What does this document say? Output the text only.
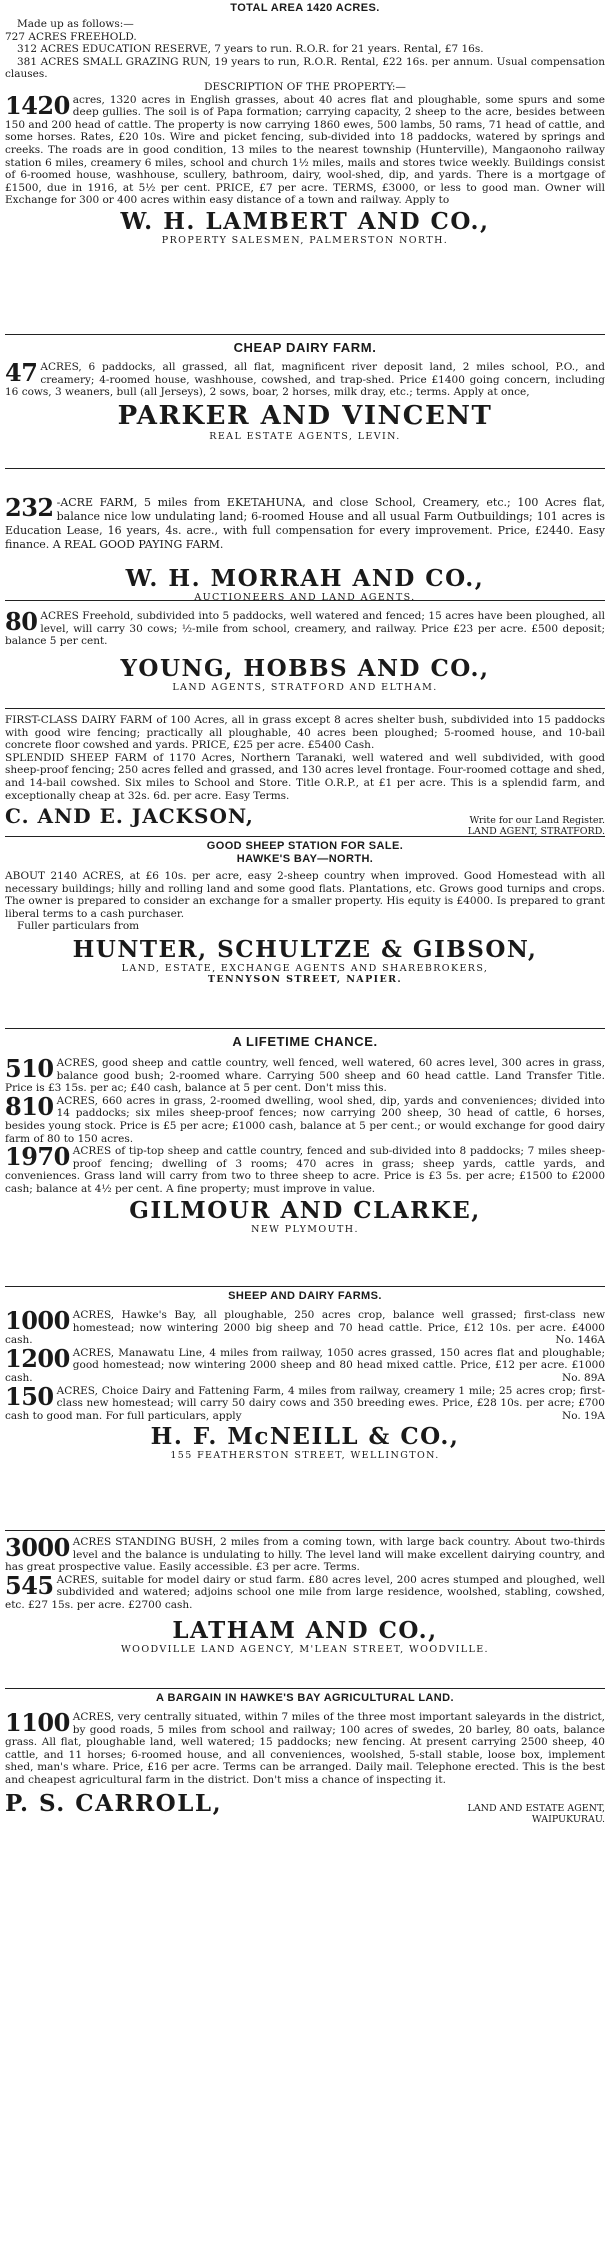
TOTAL AREA 1420 ACRES.

Made up as follows:—

727 ACRES FREEHOLD.

312 ACRES EDUCATION RESERVE, 7 years to run. R.O.R. for 21 years. Rental, £7 16s.

381 ACRES SMALL GRAZING RUN, 19 years to run, R.O.R. Rental, £22 16s. per annum. Usual compensation clauses.

DESCRIPTION OF THE PROPERTY:—

1420 acres, 1320 acres in English grasses, about 40 acres flat and ploughable, some spurs and some deep gullies. The soil is of Papa formation; carrying capacity, 2 sheep to the acre, besides between 150 and 200 head of cattle. The property is now carrying 1860 ewes, 500 lambs, 50 rams, 71 head of cattle, and some horses. Rates, £20 10s. Wire and picket fencing, sub-divided into 18 paddocks, watered by springs and creeks. The roads are in good condition, 13 miles to the nearest township (Hunterville), Mangaonoho railway station 6 miles, creamery 6 miles, school and church 1½ miles, mails and stores twice weekly. Buildings consist of 6-roomed house, washhouse, scullery, bathroom, dairy, wool-shed, dip, and yards. There is a mortgage of £1500, due in 1916, at 5½ per cent. PRICE, £7 per acre. TERMS, £3000, or less to good man. Owner will Exchange for 300 or 400 acres within easy distance of a town and railway. Apply to

W. H. LAMBERT AND CO.,
PROPERTY SALESMEN, PALMERSTON NORTH.
CHEAP DAIRY FARM.

47 ACRES, 6 paddocks, all grassed, all flat, magnificent river deposit land, 2 miles school, P.O., and creamery; 4-roomed house, washhouse, cowshed, and trap-shed. Price £1400 going concern, including 16 cows, 3 weaners, bull (all Jerseys), 2 sows, boar, 2 horses, milk dray, etc.; terms. Apply at once,

PARKER AND VINCENT
REAL ESTATE AGENTS, LEVIN.

232 -ACRE FARM, 5 miles from EKETAHUNA, and close School, Creamery, etc.; 100 Acres flat, balance nice low undulating land; 6-roomed House and all usual Farm Outbuildings; 101 acres is Education Lease, 16 years, 4s. acre., with full compensation for every improvement. Price, £2440. Easy finance. A REAL GOOD PAYING FARM.

W. H. MORRAH AND CO.,
AUCTIONEERS AND LAND AGENTS.

80 ACRES Freehold, subdivided into 5 paddocks, well watered and fenced; 15 acres have been ploughed, all level, will carry 30 cows; ½-mile from school, creamery, and railway. Price £23 per acre. £500 deposit; balance 5 per cent.

YOUNG, HOBBS AND CO.,
LAND AGENTS, STRATFORD AND ELTHAM.

FIRST-CLASS DAIRY FARM of 100 Acres, all in grass except 8 acres shelter bush, subdivided into 15 paddocks with good wire fencing; practically all ploughable, 40 acres been ploughed; 5-roomed house, and 10-bail concrete floor cowshed and yards. PRICE, £25 per acre. £5400 Cash.

SPLENDID SHEEP FARM of 1170 Acres, Northern Taranaki, well watered and well subdivided, with good sheep-proof fencing; 250 acres felled and grassed, and 130 acres level frontage. Four-roomed cottage and shed, and 14-bail cowshed. Six miles to School and Store. Title O.R.P., at £1 per acre. This is a splendid farm, and exceptionally cheap at 32s. 6d. per acre. Easy Terms.

C. AND E. JACKSON,	Write for our Land Register.
LAND AGENT, STRATFORD.
GOOD SHEEP STATION FOR SALE.
HAWKE'S BAY—NORTH.

ABOUT 2140 ACRES, at £6 10s. per acre, easy 2-sheep country when improved. Good Homestead with all necessary buildings; hilly and rolling land and some good flats. Plantations, etc. Grows good turnips and crops. The owner is prepared to consider an exchange for a smaller property. His equity is £4000. Is prepared to grant liberal terms to a cash purchaser.

Fuller particulars from

HUNTER, SCHULTZE & GIBSON,
LAND, ESTATE, EXCHANGE AGENTS AND SHAREBROKERS,
TENNYSON STREET, NAPIER.
A LIFETIME CHANCE.

510 ACRES, good sheep and cattle country, well fenced, well watered, 60 acres level, 300 acres in grass, balance good bush; 2-roomed whare. Carrying 500 sheep and 60 head cattle. Land Transfer Title. Price is £3 15s. per ac; £40 cash, balance at 5 per cent. Don't miss this.

810 ACRES, 660 acres in grass, 2-roomed dwelling, wool shed, dip, yards and conveniences; divided into 14 paddocks; six miles sheep-proof fences; now carrying 200 sheep, 30 head of cattle, 6 horses, besides young stock. Price is £5 per acre; £1000 cash, balance at 5 per cent.; or would exchange for good dairy farm of 80 to 150 acres.

1970 ACRES of tip-top sheep and cattle country, fenced and sub-divided into 8 paddocks; 7 miles sheep-proof fencing; dwelling of 3 rooms; 470 acres in grass; sheep yards, cattle yards, and conveniences. Grass land will carry from two to three sheep to acre. Price is £3 5s. per acre; £1500 to £2000 cash; balance at 4½ per cent. A fine property; must improve in value.

GILMOUR AND CLARKE,
NEW PLYMOUTH.
SHEEP AND DAIRY FARMS.

1000 ACRES, Hawke's Bay, all ploughable, 250 acres crop, balance well grassed; first-class new homestead; now wintering 2000 big sheep and 70 head cattle. Price, £12 10s. per acre. £4000 cash.	No. 146A

1200 ACRES, Manawatu Line, 4 miles from railway, 1050 acres grassed, 150 acres flat and ploughable; good homestead; now wintering 2000 sheep and 80 head mixed cattle. Price, £12 per acre. £1000 cash.	No. 89A

150 ACRES, Choice Dairy and Fattening Farm, 4 miles from railway, creamery 1 mile; 25 acres crop; first-class new homestead; will carry 50 dairy cows and 350 breeding ewes. Price, £28 10s. per acre; £700 cash to good man. For full particulars, apply	No. 19A

H. F. McNEILL & CO.,
155 FEATHERSTON STREET, WELLINGTON.

3000 ACRES STANDING BUSH, 2 miles from a coming town, with large back country. About two-thirds level and the balance is undulating to hilly. The level land will make excellent dairying country, and has great prospective value. Easily accessible. £3 per acre. Terms.

545 ACRES, suitable for model dairy or stud farm. £80 acres level, 200 acres stumped and ploughed, well subdivided and watered; adjoins school one mile from large residence, woolshed, stabling, cowshed, etc. £27 15s. per acre. £2700 cash.

LATHAM AND CO.,
WOODVILLE LAND AGENCY, M'LEAN STREET, WOODVILLE.
A BARGAIN IN HAWKE'S BAY AGRICULTURAL LAND.

1100 ACRES, very centrally situated, within 7 miles of the three most important saleyards in the district, by good roads, 5 miles from school and railway; 100 acres of swedes, 20 barley, 80 oats, balance grass. All flat, ploughable land, well watered; 15 paddocks; new fencing. At present carrying 2500 sheep, 40 cattle, and 11 horses; 6-roomed house, and all conveniences, woolshed, 5-stall stable, loose box, implement shed, man's whare. Price, £16 per acre. Terms can be arranged. Daily mail. Telephone erected. This is the best and cheapest agricultural farm in the district. Don't miss a chance of inspecting it.

P. S. CARROLL,	LAND AND ESTATE AGENT,
WAIPUKURAU.
